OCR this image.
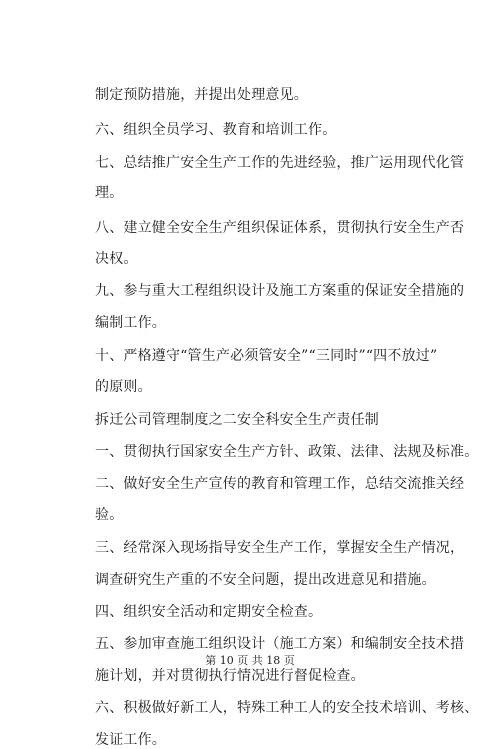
制定预防措施，并提出处理意见。
六、组织全员学习、教育和培训工作。
七、总结推广安全生产工作的先进经验，推广运用现代化管
理。
八、建立健全安全生产组织保证体系，贯彻执行安全生产否
决权。
九、参与重大工程组织设计及施工方案重的保证安全措施的
编制工作。
十、严格遵守“管生产必须管安全”“三同时”“四不放过”
的原则。
拆迁公司管理制度之二安全科安全生产责任制
一、贯彻执行国家安全生产方针、政策、法律、法规及标准。
二、做好安全生产宣传的教育和管理工作，总结交流推关经
验。
三、经常深入现场指导安全生产工作，掌握安全生产情况，
调查研究生产重的不安全问题，提出改进意见和措施。
四、组织安全活动和定期安全检查。
五、参加审查施工组织设计（施工方案）和编制安全技术措
施计划，并对贯彻执行情况进行督促检查。
六、积极做好新工人，特殊工种工人的安全技术培训、考核、
发证工作。
第 10 页 共 18 页
